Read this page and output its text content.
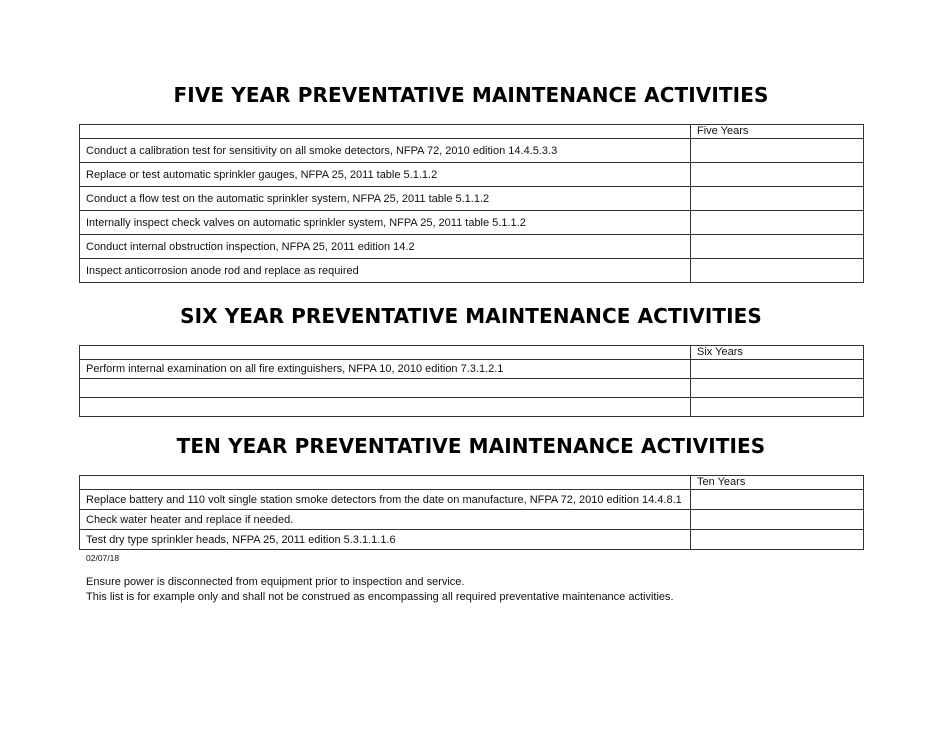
FIVE YEAR PREVENTATIVE MAINTENANCE ACTIVITIES
	Five Years
Conduct a calibration test for sensitivity on all smoke detectors, NFPA 72, 2010 edition 14.4.5.3.3	
Replace or test automatic sprinkler gauges, NFPA 25, 2011 table 5.1.1.2	
Conduct a flow test on the automatic sprinkler system, NFPA 25, 2011 table 5.1.1.2	
Internally inspect check valves on automatic sprinkler system, NFPA 25, 2011 table 5.1.1.2	
Conduct internal obstruction inspection, NFPA 25, 2011 edition 14.2	
Inspect anticorrosion anode rod and replace as required	
SIX YEAR PREVENTATIVE MAINTENANCE ACTIVITIES
	Six Years
Perform internal examination on all fire extinguishers, NFPA 10, 2010 edition 7.3.1.2.1	

TEN YEAR PREVENTATIVE MAINTENANCE ACTIVITIES
	Ten Years
Replace battery and 110 volt single station smoke detectors from the date on manufacture, NFPA 72, 2010 edition 14.4.8.1	
Check water heater and replace if needed.	
Test dry type sprinkler heads, NFPA 25, 2011 edition 5.3.1.1.1.6	

02/07/18

Ensure power is disconnected from equipment prior to inspection and service.

This list is for example only and shall not be construed as encompassing all required preventative maintenance activities.
